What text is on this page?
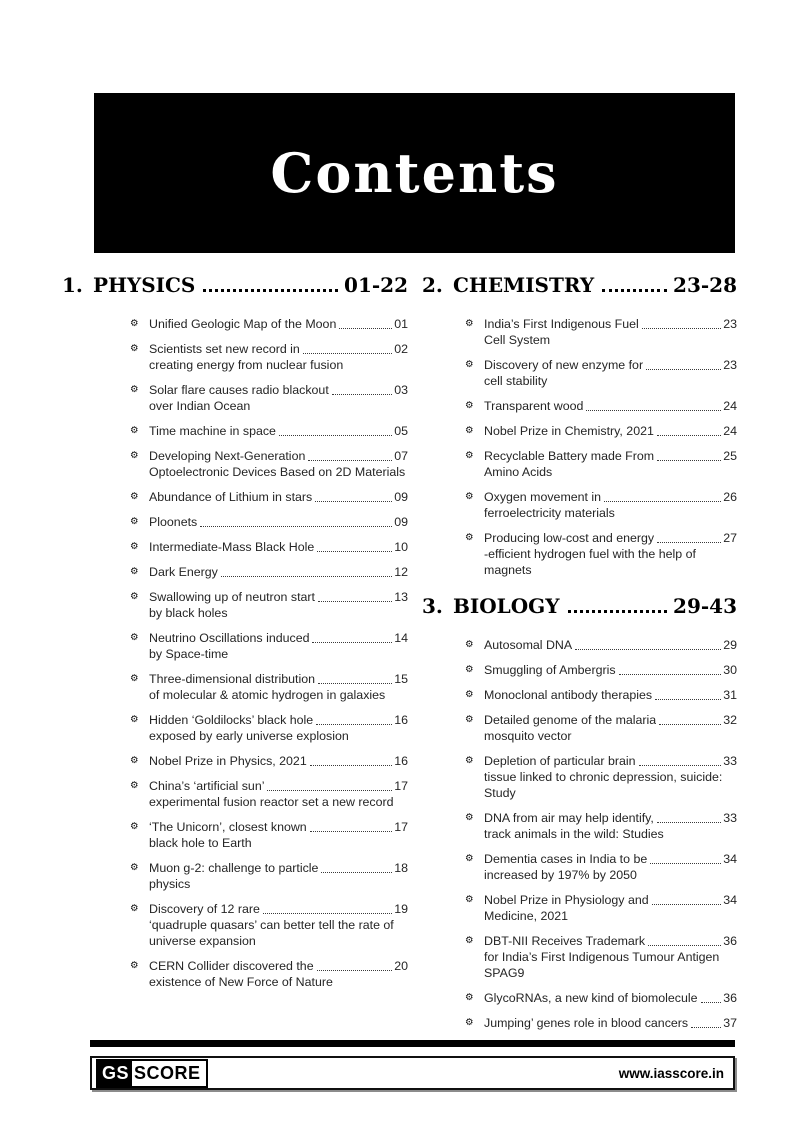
Contents
1. PHYSICS	01-22
⚙ Unified Geologic Map of the Moon	01
⚙ Scientists set new record in	02
creating energy from nuclear fusion
⚙ Solar flare causes radio blackout	03
over Indian Ocean
⚙ Time machine in space	05
⚙ Developing Next-Generation	07
Optoelectronic Devices Based on 2D Materials
⚙ Abundance of Lithium in stars	09
⚙ Ploonets	09
⚙ Intermediate-Mass Black Hole	10
⚙ Dark Energy	12
⚙ Swallowing up of neutron start	13
by black holes
⚙ Neutrino Oscillations induced	14
by Space-time
⚙ Three-dimensional distribution	15
of molecular & atomic hydrogen in galaxies
⚙ Hidden ‘Goldilocks’ black hole	16
exposed by early universe explosion
⚙ Nobel Prize in Physics, 2021	16
⚙ China’s ‘artificial sun’	17
experimental fusion reactor set a new record
⚙ ‘The Unicorn’, closest known	17
black hole to Earth
⚙ Muon g-2: challenge to particle	18
physics
⚙ Discovery of 12 rare	19
‘quadruple quasars’ can better tell the rate of universe expansion
⚙ CERN Collider discovered the	20
existence of New Force of Nature
2. CHEMISTRY	23-28
⚙ India’s First Indigenous Fuel	23
Cell System
⚙ Discovery of new enzyme for	23
cell stability
⚙ Transparent wood	24
⚙ Nobel Prize in Chemistry, 2021	24
⚙ Recyclable Battery made From	25
Amino Acids
⚙ Oxygen movement in	26
ferroelectricity materials
⚙ Producing low-cost and energy	27
-efficient hydrogen fuel with the help of magnets
3. BIOLOGY	29-43
⚙ Autosomal DNA	29
⚙ Smuggling of Ambergris	30
⚙ Monoclonal antibody therapies	31
⚙ Detailed genome of the malaria	32
mosquito vector
⚙ Depletion of particular brain	33
tissue linked to chronic depression, suicide: Study
⚙ DNA from air may help identify,	33
track animals in the wild: Studies
⚙ Dementia cases in India to be	34
increased by 197% by 2050
⚙ Nobel Prize in Physiology and	34
Medicine, 2021
⚙ DBT-NII Receives Trademark	36
for India’s First Indigenous Tumour Antigen SPAG9
⚙ GlycoRNAs, a new kind of biomolecule 36
⚙ Jumping’ genes role in blood cancers	37
GS SCORE	www.iasscore.in
